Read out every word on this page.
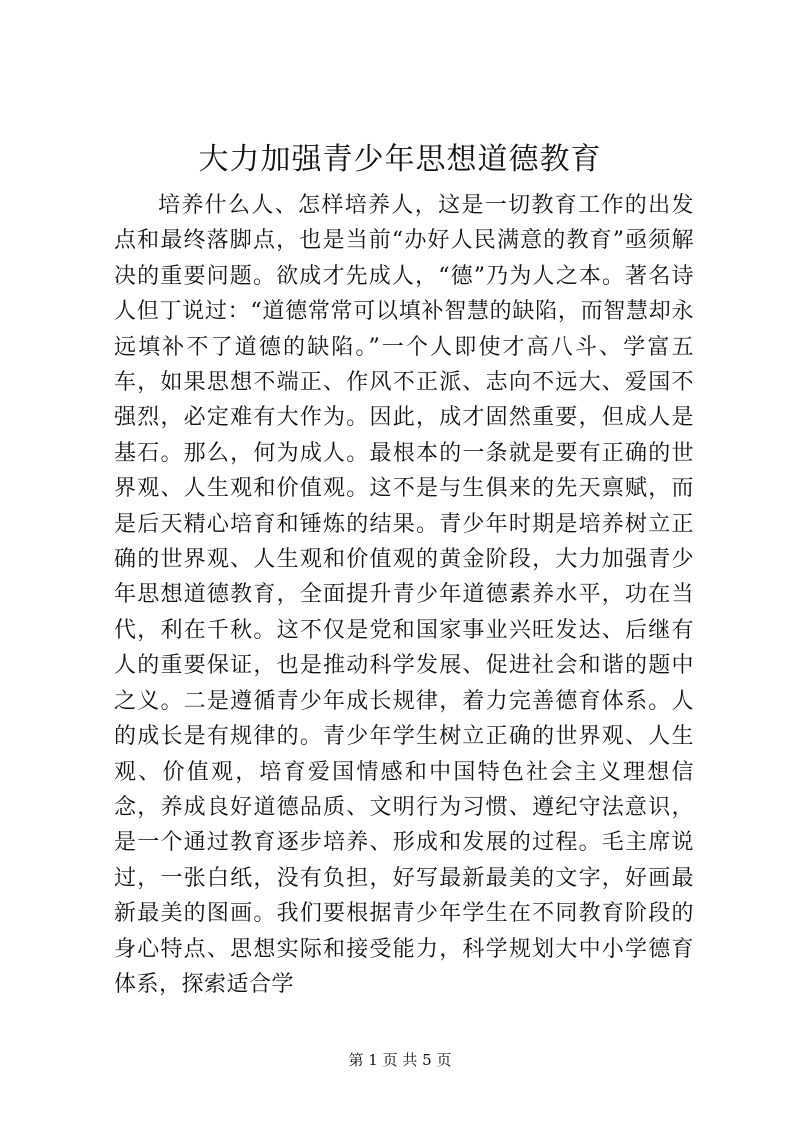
大力加强青少年思想道德教育

培养什么人、怎样培养人，这是一切教育工作的出发点和最终落脚点，也是当前“办好人民满意的教育”亟须解决的重要问题。欲成才先成人，“德”乃为人之本。著名诗人但丁说过：“道德常常可以填补智慧的缺陷，而智慧却永远填补不了道德的缺陷。”一个人即使才高八斗、学富五车，如果思想不端正、作风不正派、志向不远大、爱国不强烈，必定难有大作为。因此，成才固然重要，但成人是基石。那么，何为成人。最根本的一条就是要有正确的世界观、人生观和价值观。这不是与生俱来的先天禀赋，而是后天精心培育和锤炼的结果。青少年时期是培养树立正确的世界观、人生观和价值观的黄金阶段，大力加强青少年思想道德教育，全面提升青少年道德素养水平，功在当代，利在千秋。这不仅是党和国家事业兴旺发达、后继有人的重要保证，也是推动科学发展、促进社会和谐的题中之义。二是遵循青少年成长规律，着力完善德育体系。人的成长是有规律的。青少年学生树立正确的世界观、人生观、价值观，培育爱国情感和中国特色社会主义理想信念，养成良好道德品质、文明行为习惯、遵纪守法意识，是一个通过教育逐步培养、形成和发展的过程。毛主席说过，一张白纸，没有负担，好写最新最美的文字，好画最新最美的图画。我们要根据青少年学生在不同教育阶段的身心特点、思想实际和接受能力，科学规划大中小学德育体系，探索适合学

第 1 页 共 5 页
